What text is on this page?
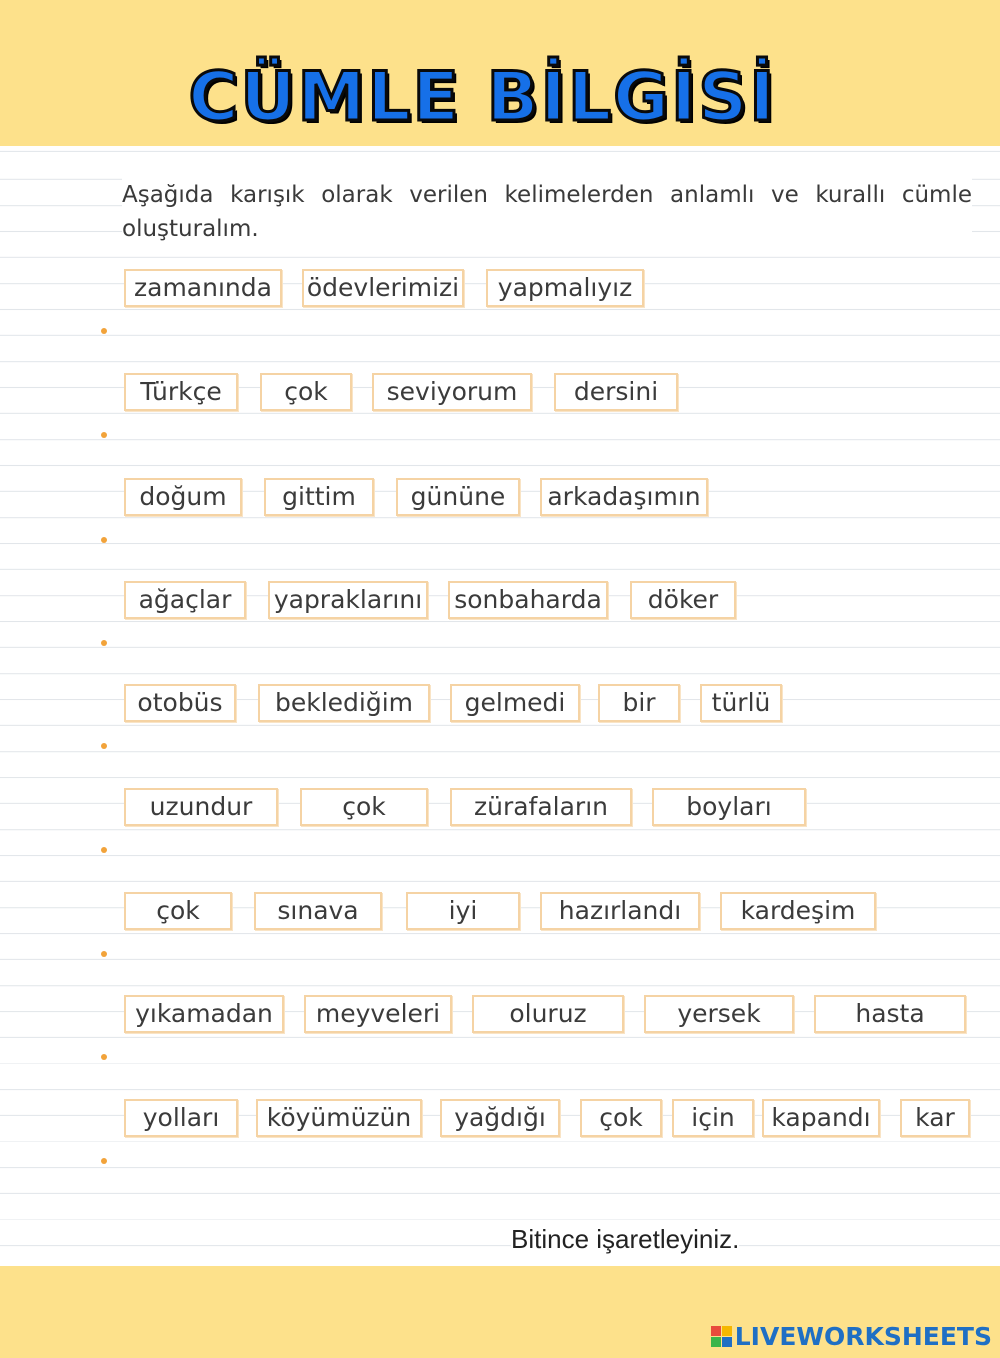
CÜMLE BİLGİSİ

Aşağıda karışık olarak verilen kelimelerden anlamlı ve kurallı cümle oluşturalım.

zamanında	ödevlerimizi	yapmalıyız
Türkçe	çok	seviyorum	dersini
doğum	gittim	gününe	arkadaşımın
ağaçlar	yapraklarını sonbaharda	döker
otobüs	beklediğim	gelmedi	bir	türlü
uzundur	çok	zürafaların	boyları
çok	sınava	iyi	hazırlandı	kardeşim
yıkamadan	meyveleri	oluruz	yersek	hasta
yolları	köyümüzün	yağdığı	çok	için	kapandı	kar
Bitince işaretleyiniz.
LIVEWORKSHEETS
